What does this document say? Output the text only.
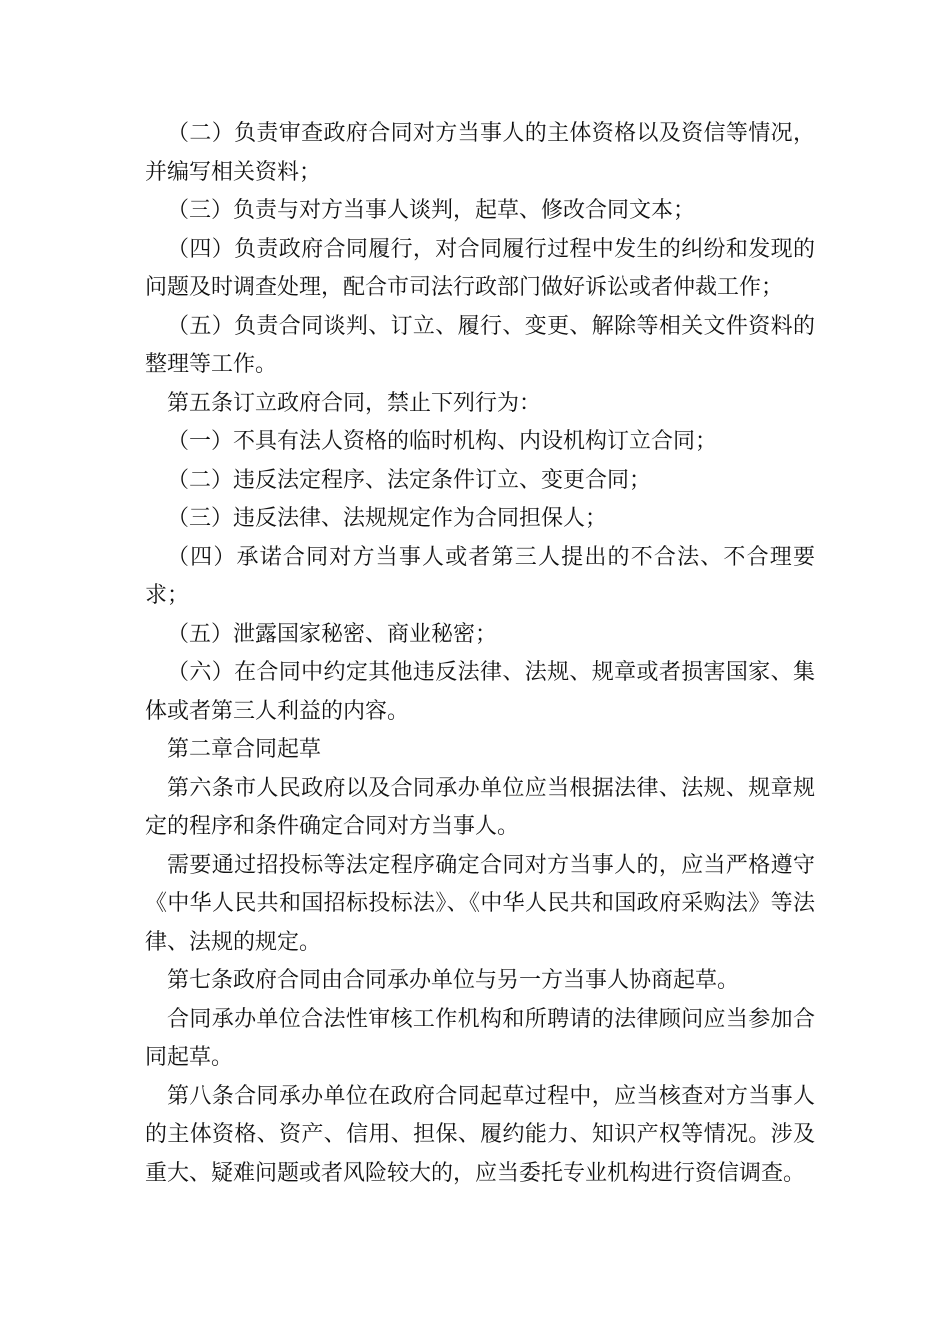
（二）负责审查政府合同对方当事人的主体资格以及资信等情况，并编写相关资料；

（三）负责与对方当事人谈判，起草、修改合同文本；

（四）负责政府合同履行，对合同履行过程中发生的纠纷和发现的问题及时调查处理，配合市司法行政部门做好诉讼或者仲裁工作；

（五）负责合同谈判、订立、履行、变更、解除等相关文件资料的整理等工作。

第五条订立政府合同，禁止下列行为：

（一）不具有法人资格的临时机构、内设机构订立合同；

（二）违反法定程序、法定条件订立、变更合同；

（三）违反法律、法规规定作为合同担保人；

（四）承诺合同对方当事人或者第三人提出的不合法、不合理要求；

（五）泄露国家秘密、商业秘密；

（六）在合同中约定其他违反法律、法规、规章或者损害国家、集体或者第三人利益的内容。

第二章合同起草

第六条市人民政府以及合同承办单位应当根据法律、法规、规章规定的程序和条件确定合同对方当事人。

需要通过招投标等法定程序确定合同对方当事人的，应当严格遵守《中华人民共和国招标投标法》、《中华人民共和国政府采购法》等法律、法规的规定。

第七条政府合同由合同承办单位与另一方当事人协商起草。

合同承办单位合法性审核工作机构和所聘请的法律顾问应当参加合同起草。

第八条合同承办单位在政府合同起草过程中，应当核查对方当事人的主体资格、资产、信用、担保、履约能力、知识产权等情况。涉及重大、疑难问题或者风险较大的，应当委托专业机构进行资信调查。
